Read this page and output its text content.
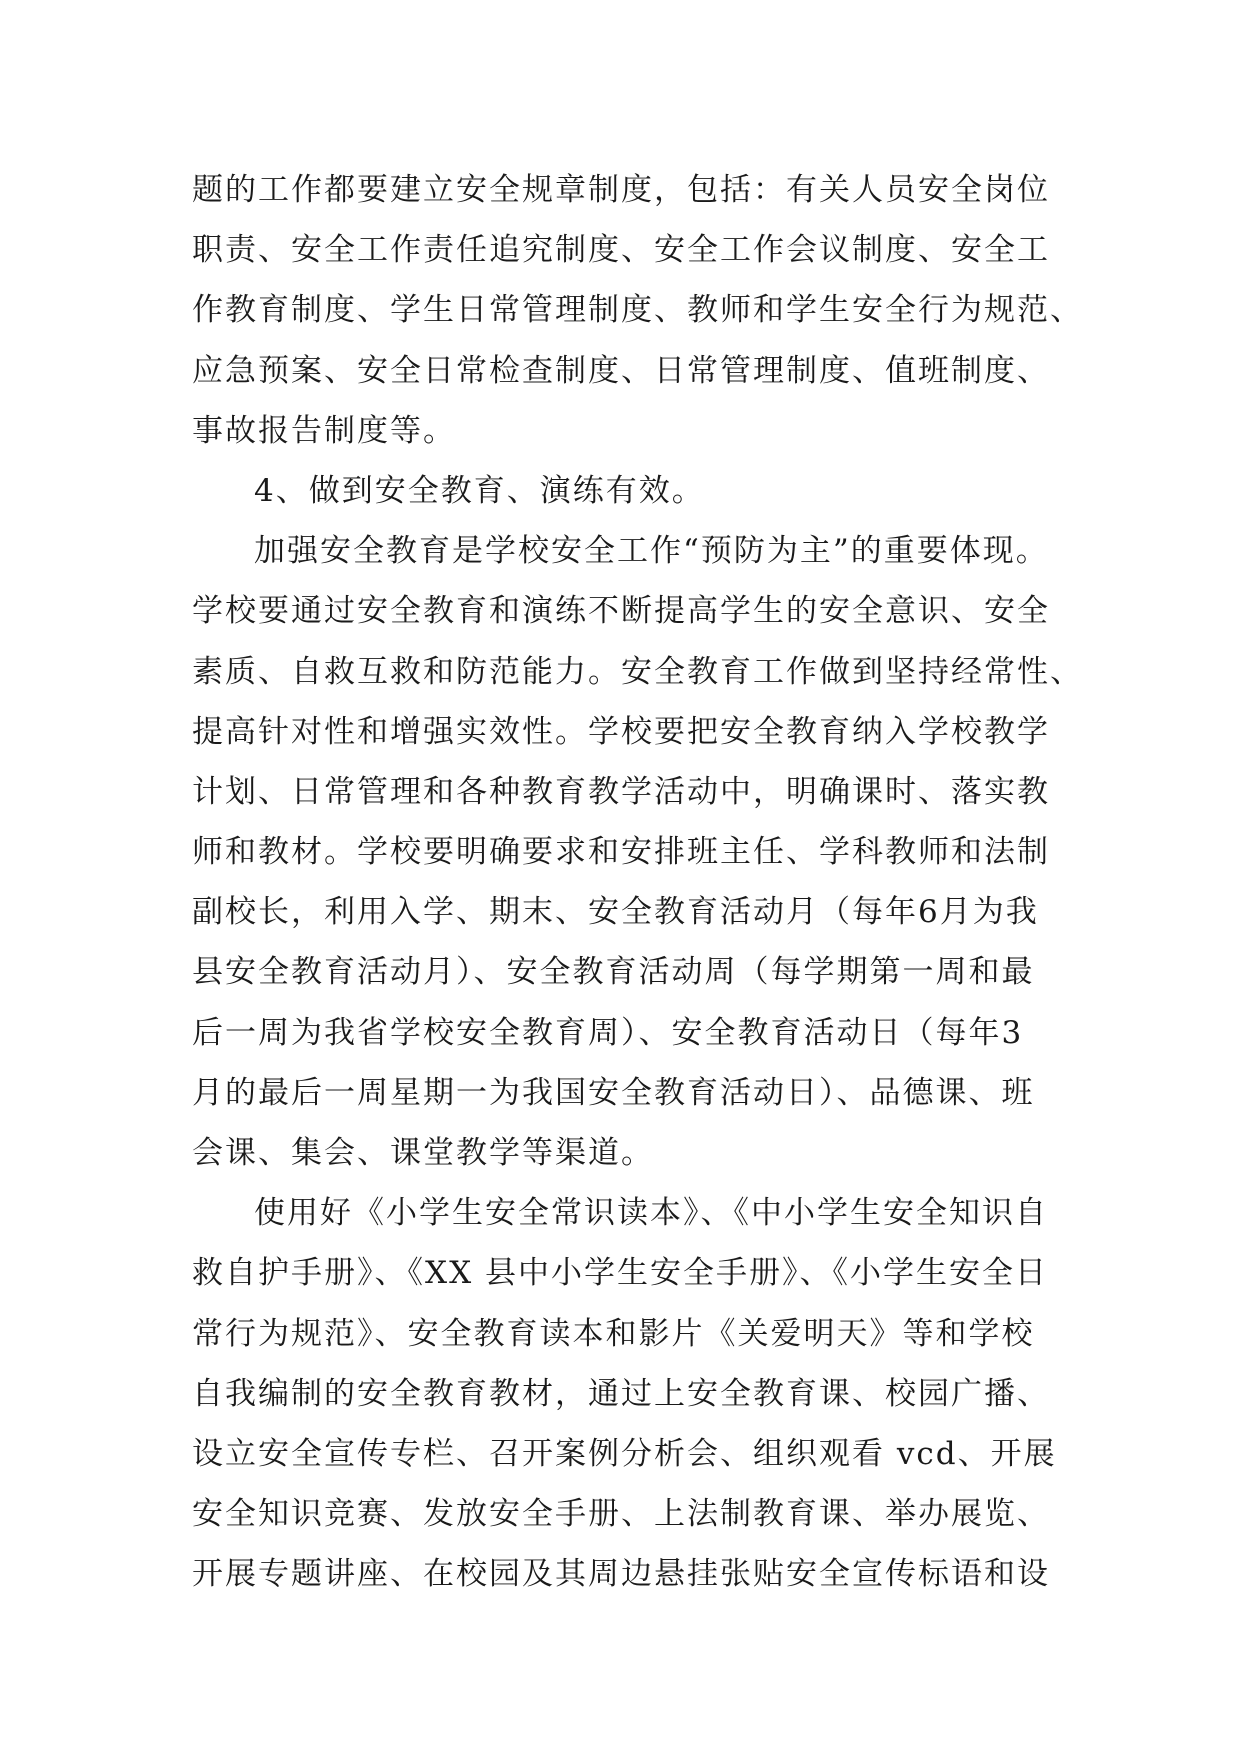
题的工作都要建立安全规章制度，包括：有关人员安全岗位
职责、安全工作责任追究制度、安全工作会议制度、安全工
作教育制度、学生日常管理制度、教师和学生安全行为规范、
应急预案、安全日常检查制度、日常管理制度、值班制度、
事故报告制度等。
4、做到安全教育、演练有效。
加强安全教育是学校安全工作“预防为主”的重要体现。
学校要通过安全教育和演练不断提高学生的安全意识、安全
素质、自救互救和防范能力。安全教育工作做到坚持经常性、
提高针对性和增强实效性。学校要把安全教育纳入学校教学
计划、日常管理和各种教育教学活动中，明确课时、落实教
师和教材。学校要明确要求和安排班主任、学科教师和法制
副校长，利用入学、期末、安全教育活动月（每年6月为我
县安全教育活动月）、安全教育活动周（每学期第一周和最
后一周为我省学校安全教育周）、安全教育活动日（每年3
月的最后一周星期一为我国安全教育活动日）、品德课、班
会课、集会、课堂教学等渠道。
使用好《小学生安全常识读本》、《中小学生安全知识自
救自护手册》、《XX 县中小学生安全手册》、《小学生安全日
常行为规范》、安全教育读本和影片《关爱明天》等和学校
自我编制的安全教育教材，通过上安全教育课、校园广播、
设立安全宣传专栏、召开案例分析会、组织观看 vcd、开展
安全知识竞赛、发放安全手册、上法制教育课、举办展览、
开展专题讲座、在校园及其周边悬挂张贴安全宣传标语和设
